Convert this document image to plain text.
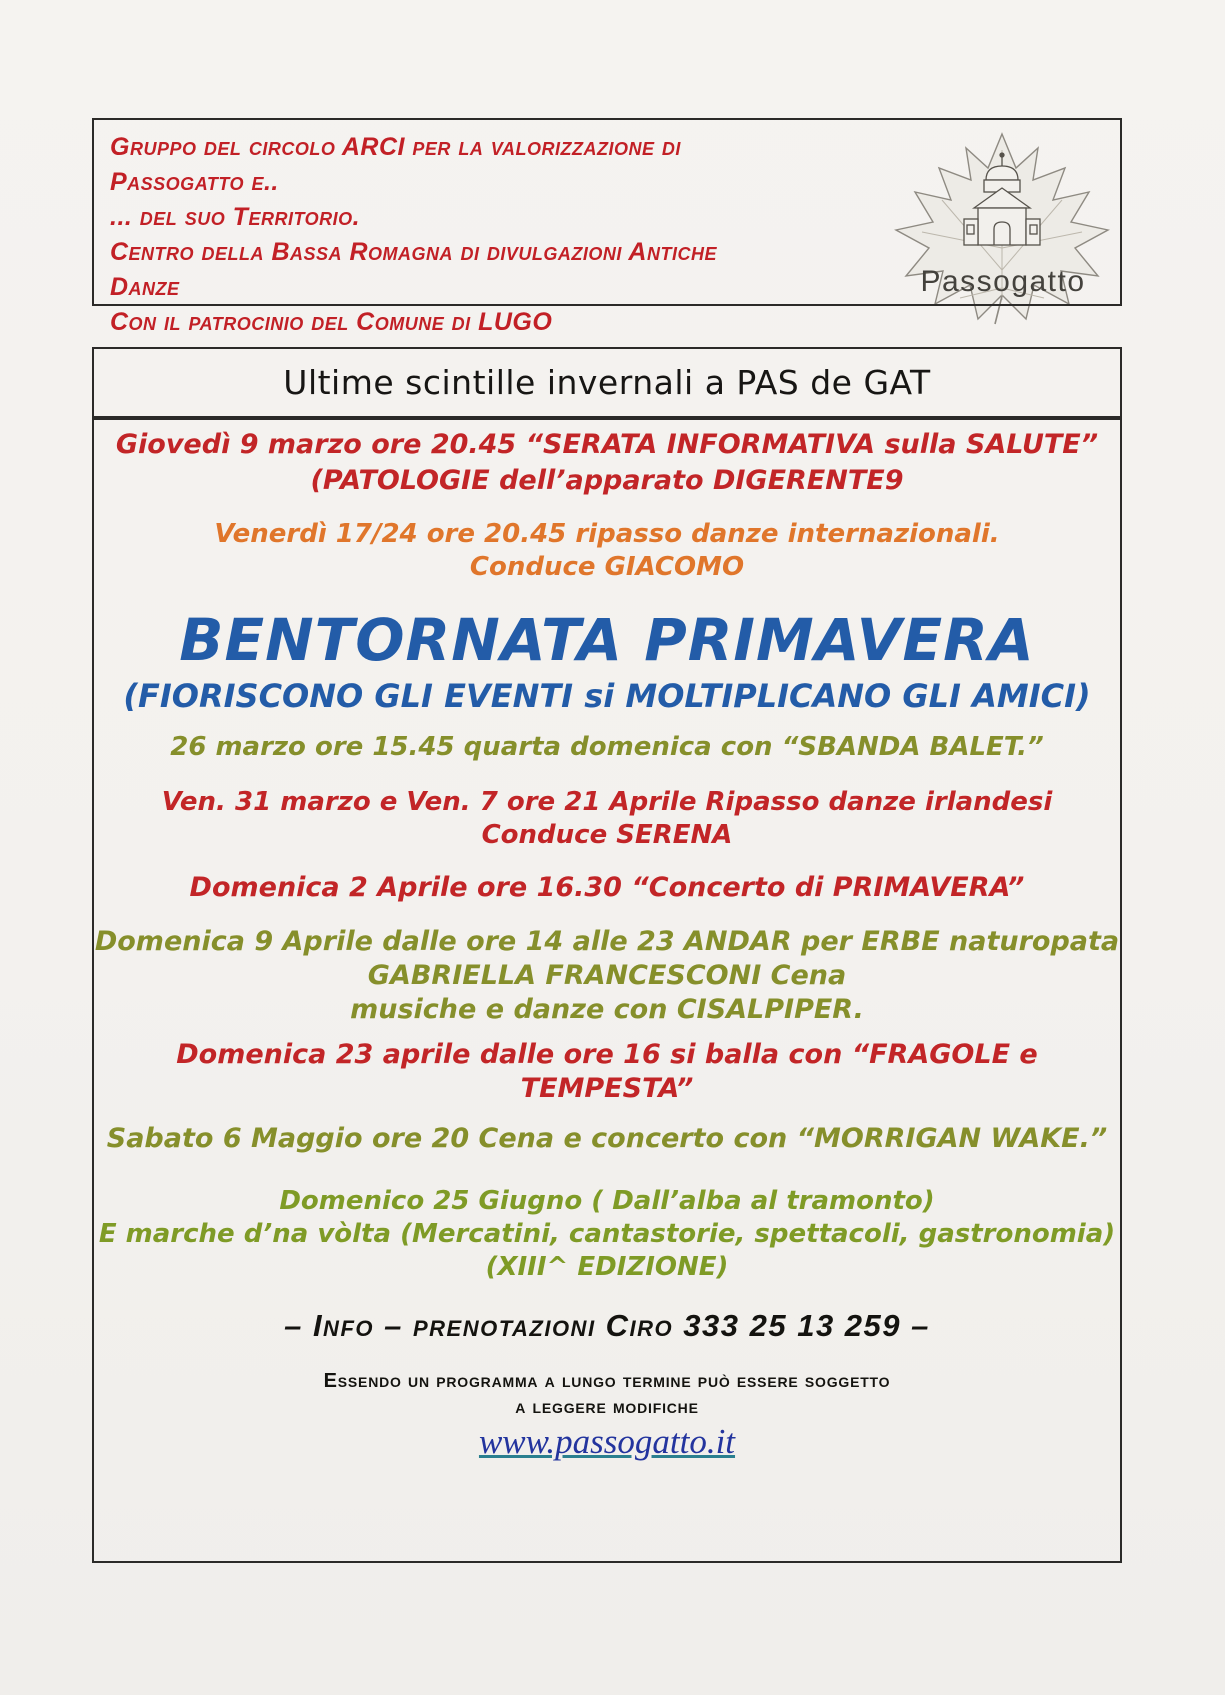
Passogatto
Gruppo del circolo ARCI per la valorizzazione di
Passogatto e..
... del suo Territorio.
Centro della Bassa Romagna di divulgazioni Antiche
Danze
Con il patrocinio del Comune di LUGO
Ultime scintille invernali a PAS de GAT
Giovedì 9 marzo ore 20.45 “SERATA INFORMATIVA sulla SALUTE”
(PATOLOGIE dell’apparato DIGERENTE9
Venerdì 17/24 ore 20.45 ripasso danze internazionali.
Conduce GIACOMO
BENTORNATA PRIMAVERA
(FIORISCONO GLI EVENTI si MOLTIPLICANO GLI AMICI)
26 marzo ore 15.45 quarta domenica con “SBANDA BALET.”
Ven. 31 marzo e Ven. 7 ore 21 Aprile Ripasso danze irlandesi
Conduce SERENA
Domenica 2 Aprile ore 16.30 “Concerto di PRIMAVERA”
Domenica 9 Aprile dalle ore 14 alle 23 ANDAR per ERBE naturopata
GABRIELLA FRANCESCONI Cena
musiche e danze con CISALPIPER.
Domenica 23 aprile dalle ore 16 si balla con “FRAGOLE e TEMPESTA”
Sabato 6 Maggio ore 20 Cena e concerto con “MORRIGAN WAKE.”
Domenico 25 Giugno ( Dall’alba al tramonto)
E marche d’na vòlta (Mercatini, cantastorie, spettacoli, gastronomia)
(XIII^ EDIZIONE)
– Info – prenotazioni Ciro 333 25 13 259 –
Essendo un programma a lungo termine può essere soggetto
a leggere modifiche
www.passogatto.it
